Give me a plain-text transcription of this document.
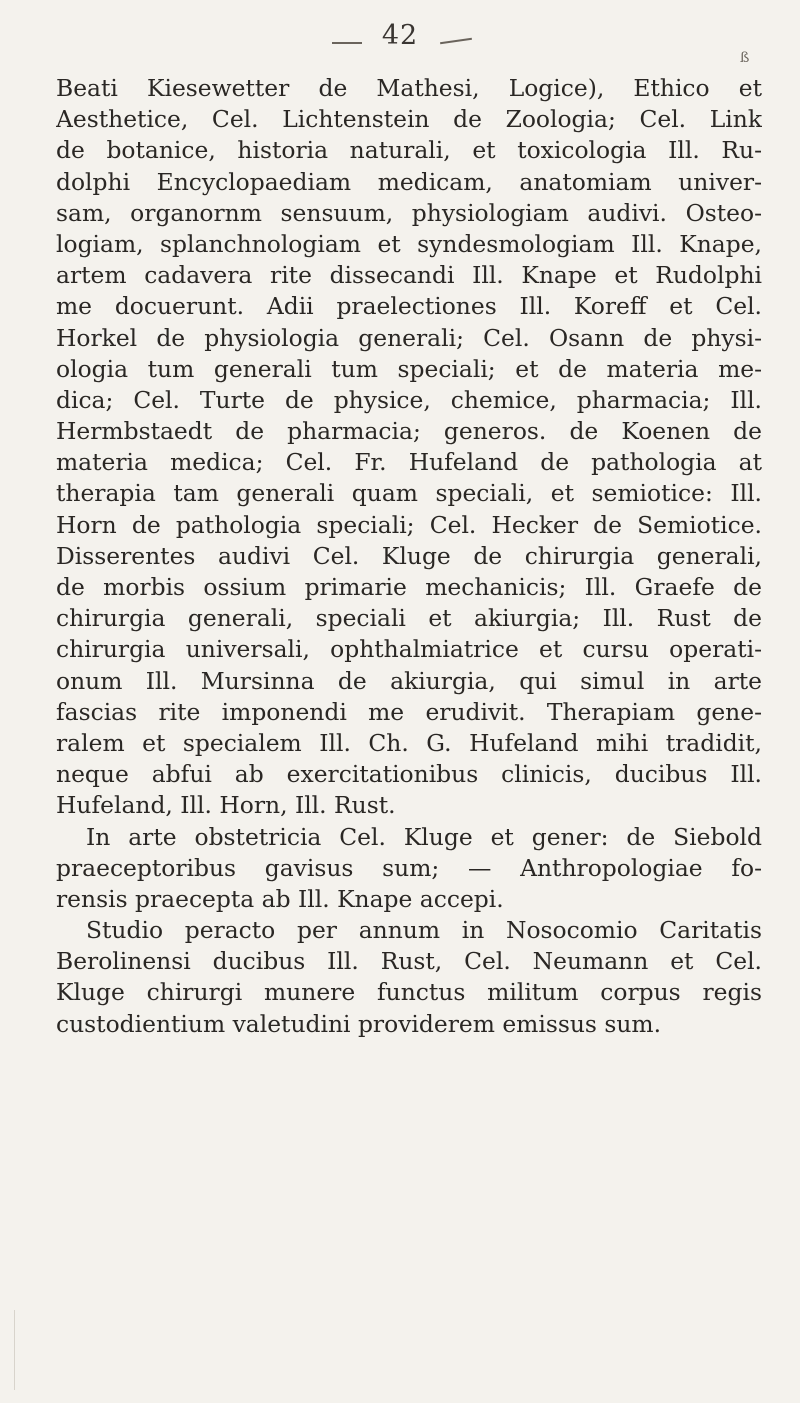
42
ß
Beati Kiesewetter de Mathesi, Logice), Ethico et
Aesthetice, Cel. Lichtenstein de Zoologia; Cel. Link
de botanice, historia naturali, et toxicologia Ill. Ru-
dolphi Encyclopaediam medicam, anatomiam univer-
sam, organornm sensuum, physiologiam audivi. Osteo-
logiam, splanchnologiam et syndesmologiam Ill. Knape,
artem cadavera rite dissecandi Ill. Knape et Rudolphi
me docuerunt. Adii praelectiones Ill. Koreff et Cel.
Horkel de physiologia generali; Cel. Osann de physi-
ologia tum generali tum speciali; et de materia me-
dica; Cel. Turte de physice, chemice, pharmacia; Ill.
Hermbstaedt de pharmacia; generos. de Koenen de
materia medica; Cel. Fr. Hufeland de pathologia at
therapia tam generali quam speciali, et semiotice: Ill.
Horn de pathologia speciali; Cel. Hecker de Semiotice.
Disserentes audivi Cel. Kluge de chirurgia generali,
de morbis ossium primarie mechanicis; Ill. Graefe de
chirurgia generali, speciali et akiurgia; Ill. Rust de
chirurgia universali, ophthalmiatrice et cursu operati-
onum Ill. Mursinna de akiurgia, qui simul in arte
fascias rite imponendi me erudivit. Therapiam gene-
ralem et specialem Ill. Ch. G. Hufeland mihi tradidit,
neque abfui ab exercitationibus clinicis, ducibus Ill.
Hufeland, Ill. Horn, Ill. Rust.
In arte obstetricia Cel. Kluge et gener: de Siebold
praeceptoribus gavisus sum; — Anthropologiae fo-
rensis praecepta ab Ill. Knape accepi.
Studio peracto per annum in Nosocomio Caritatis
Berolinensi ducibus Ill. Rust, Cel. Neumann et Cel.
Kluge chirurgi munere functus militum corpus regis
custodientium valetudini providerem emissus sum.
